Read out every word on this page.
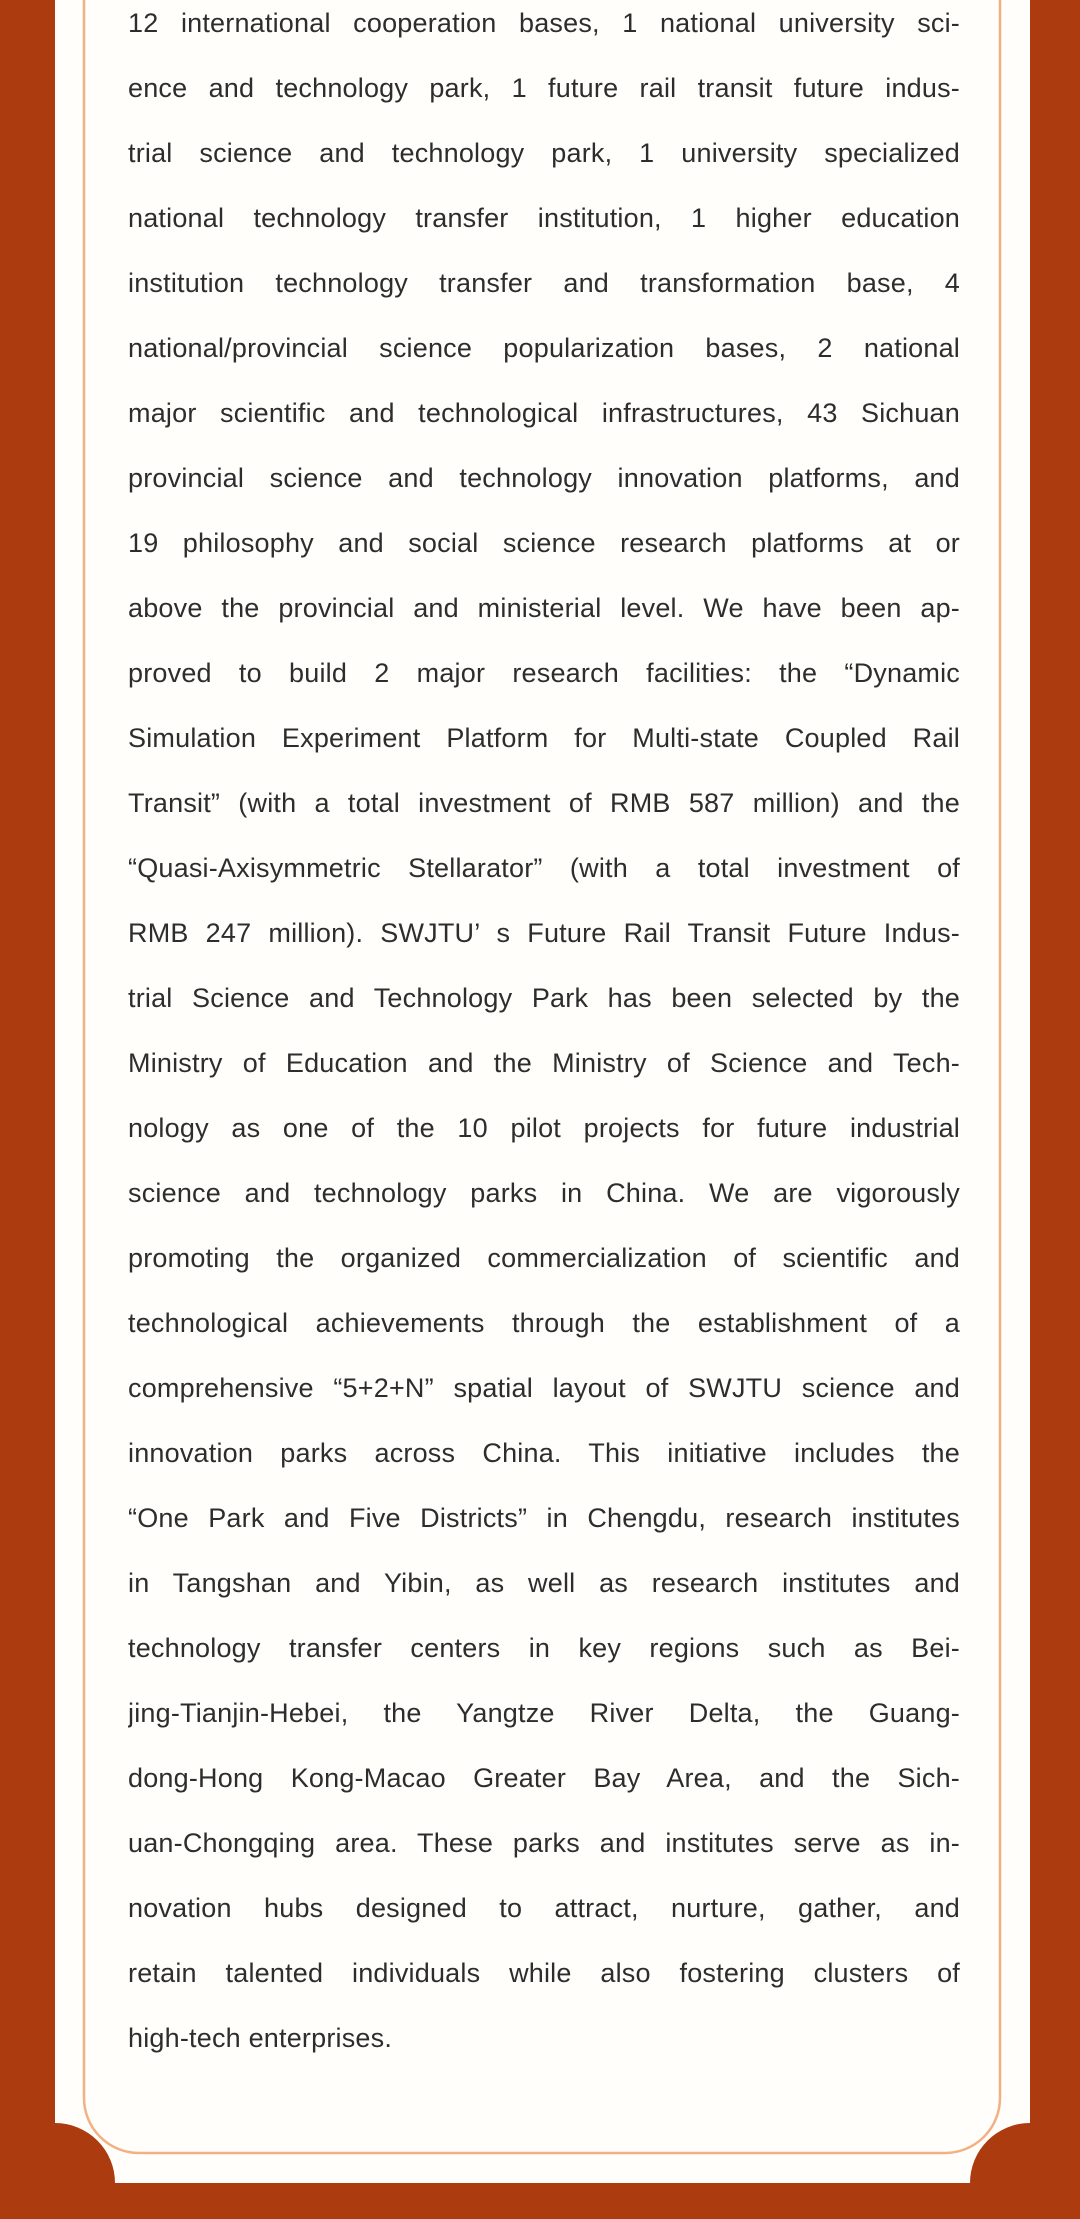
12 international cooperation bases, 1 national university sci-
ence and technology park, 1 future rail transit future indus-
trial science and technology park, 1 university specialized
national technology transfer institution, 1 higher education
institution technology transfer and transformation base, 4
national/provincial science popularization bases, 2 national
major scientific and technological infrastructures, 43 Sichuan
provincial science and technology innovation platforms, and
19 philosophy and social science research platforms at or
above the provincial and ministerial level. We have been ap-
proved to build 2 major research facilities: the “Dynamic
Simulation Experiment Platform for Multi-state Coupled Rail
Transit” (with a total investment of RMB 587 million) and the
“Quasi-Axisymmetric Stellarator” (with a total investment of
RMB 247 million). SWJTU’ s Future Rail Transit Future Indus-
trial Science and Technology Park has been selected by the
Ministry of Education and the Ministry of Science and Tech-
nology as one of the 10 pilot projects for future industrial
science and technology parks in China. We are vigorously
promoting the organized commercialization of scientific and
technological achievements through the establishment of a
comprehensive “5+2+N” spatial layout of SWJTU science and
innovation parks across China. This initiative includes the
“One Park and Five Districts” in Chengdu, research institutes
in Tangshan and Yibin, as well as research institutes and
technology transfer centers in key regions such as Bei-
jing-Tianjin-Hebei, the Yangtze River Delta, the Guang-
dong-Hong Kong-Macao Greater Bay Area, and the Sich-
uan-Chongqing area. These parks and institutes serve as in-
novation hubs designed to attract, nurture, gather, and
retain talented individuals while also fostering clusters of
high-tech enterprises.
